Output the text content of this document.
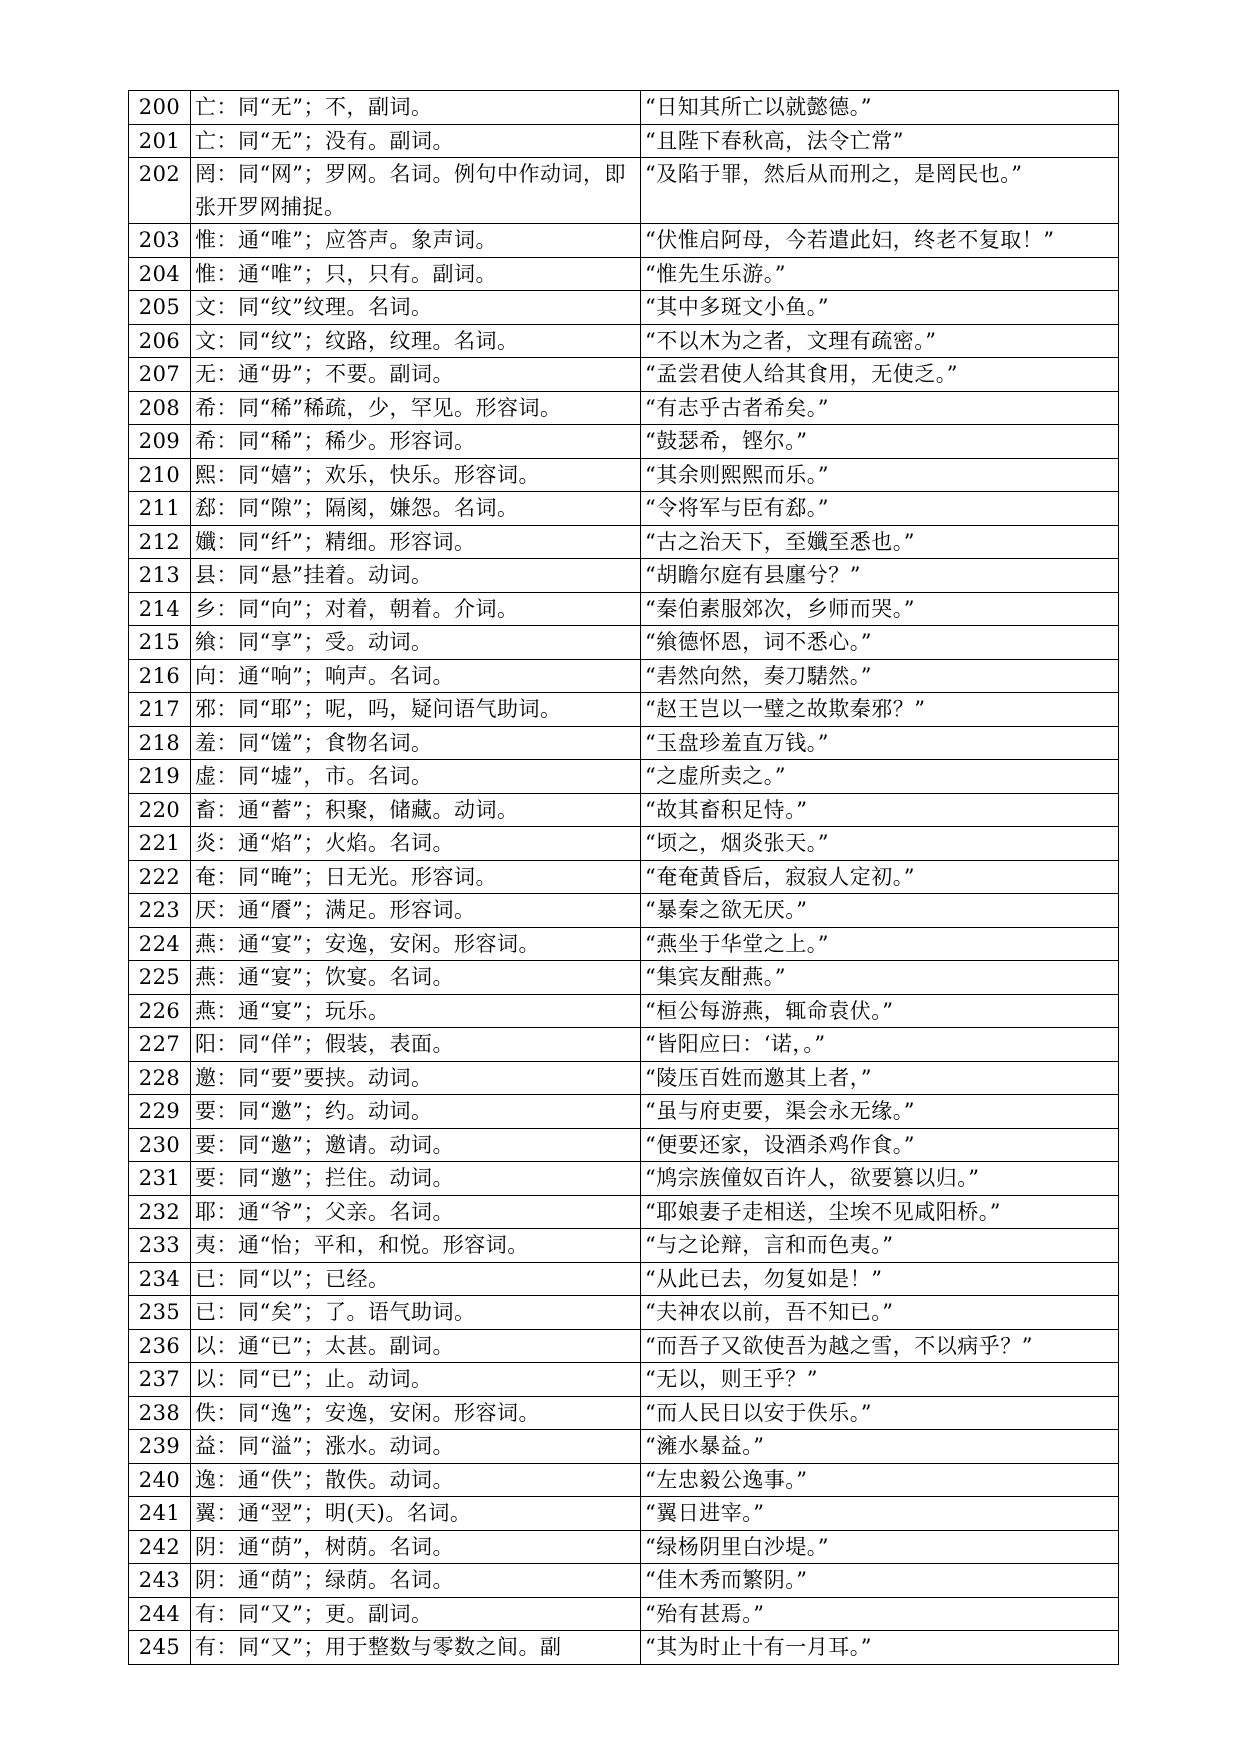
200	亡：同“无”；不，副词。	“日知其所亡以就懿德。”
201	亡：同“无”；没有。副词。	“且陛下春秋高，法令亡常”
202	罔：同“网”；罗网。名词。例句中作动词，即张开罗网捕捉。	“及陷于罪，然后从而刑之，是罔民也。”
203	惟：通“唯”；应答声。象声词。	“伏惟启阿母，今若遣此妇，终老不复取！”
204	惟：通“唯”；只，只有。副词。	“惟先生乐游。”
205	文：同“纹”纹理。名词。	“其中多斑文小鱼。”
206	文：同“纹”；纹路，纹理。名词。	“不以木为之者，文理有疏密。”
207	无：通“毋”；不要。副词。	“孟尝君使人给其食用，无使乏。”
208	希：同“稀”稀疏，少，罕见。形容词。	“有志乎古者希矣。”
209	希：同“稀”；稀少。形容词。	“鼓瑟希，铿尔。”
210	熙：同“嬉”；欢乐，快乐。形容词。	“其余则熙熙而乐。”
211	郄：同“隙”；隔阂，嫌怨。名词。	“令将军与臣有郄。”
212	孅：同“纤”；精细。形容词。	“古之治天下，至孅至悉也。”
213	县：同“悬”挂着。动词。	“胡瞻尔庭有县廛兮？”
214	乡：同“向”；对着，朝着。介词。	“秦伯素服郊次，乡师而哭。”
215	飨：同“享”；受。动词。	“飨德怀恩，词不悉心。”
216	向：通“响”；响声。名词。	“砉然向然，奏刀騞然。”
217	邪：同“耶”；呢，吗，疑问语气助词。	“赵王岂以一璧之故欺秦邪？”
218	羞：同“馐”；食物名词。	“玉盘珍羞直万钱。”
219	虚：同“墟”，市。名词。	“之虚所卖之。”
220	畜：通“蓄”；积聚，储藏。动词。	“故其畜积足恃。”
221	炎：通“焰”；火焰。名词。	“顷之，烟炎张天。”
222	奄：同“晻”；日无光。形容词。	“奄奄黄昏后，寂寂人定初。”
223	厌：通“餍”；满足。形容词。	“暴秦之欲无厌。”
224	燕：通“宴”；安逸，安闲。形容词。	“燕坐于华堂之上。”
225	燕：通“宴”；饮宴。名词。	“集宾友酣燕。”
226	燕：通“宴”；玩乐。	“桓公每游燕，辄命袁伏。”
227	阳：同“佯”；假装，表面。	“皆阳应曰：‘诺，。”
228	邀：同“要”要挟。动词。	“陵压百姓而邀其上者，”
229	要：同“邀”；约。动词。	“虽与府吏要，渠会永无缘。”
230	要：同“邀”；邀请。动词。	“便要还家，设酒杀鸡作食。”
231	要：同“邀”；拦住。动词。	“鸠宗族僮奴百许人，欲要篡以归。”
232	耶：通“爷”；父亲。名词。	“耶娘妻子走相送，尘埃不见咸阳桥。”
233	夷：通“怡；平和，和悦。形容词。	“与之论辩，言和而色夷。”
234	已：同“以”；已经。	“从此已去，勿复如是！”
235	已：同“矣”；了。语气助词。	“夫神农以前，吾不知已。”
236	以：通“已”；太甚。副词。	“而吾子又欲使吾为越之雪，不以病乎？”
237	以：同“已”；止。动词。	“无以，则王乎？”
238	佚：同“逸”；安逸，安闲。形容词。	“而人民日以安于佚乐。”
239	益：同“溢”；涨水。动词。	“澭水暴益。”
240	逸：通“佚”；散佚。动词。	“左忠毅公逸事。”
241	翼：通“翌”；明(天)。名词。	“翼日进宰。”
242	阴：通“荫”，树荫。名词。	“绿杨阴里白沙堤。”
243	阴：通“荫”；绿荫。名词。	“佳木秀而繁阴。”
244	有：同“又”；更。副词。	“殆有甚焉。”
245	有：同“又”；用于整数与零数之间。副	“其为时止十有一月耳。”
